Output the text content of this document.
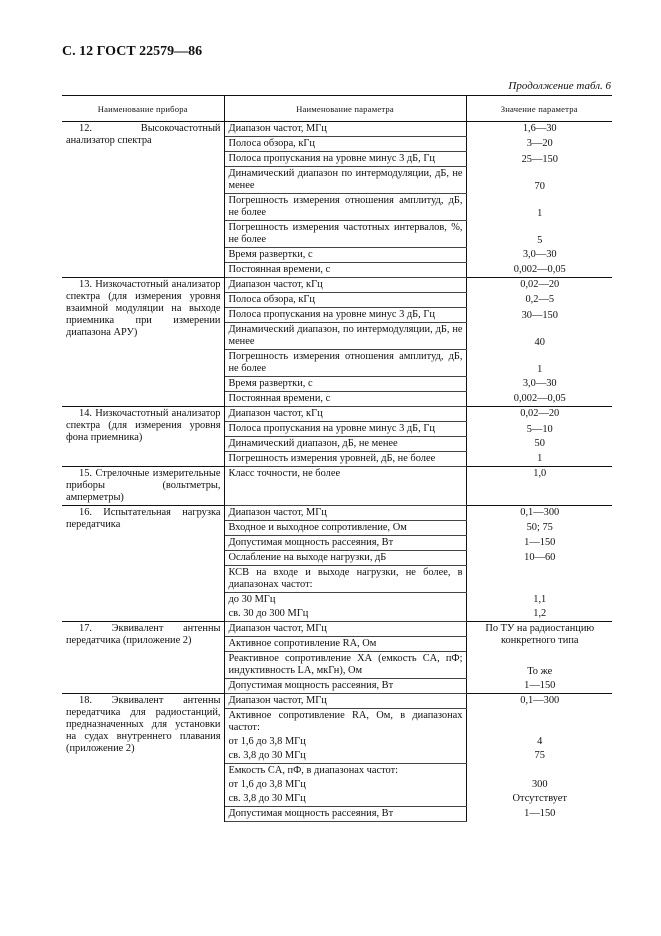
С. 12 ГОСТ 22579—86
Продолжение табл. 6
Наименование прибора	Наименование параметра	Значение параметра

12. Высокочастотный анализатор спектра	Диапазон частот, МГц	1,6—30

	Полоса обзора, кГц	3—20

	Полоса пропускания на уровне минус 3 дБ, Гц	25—150

	Динамический диапазон по интермодуляции, дБ, не менее	70

	Погрешность измерения отношения амплитуд, дБ, не более	1

	Погрешность измерения частотных интервалов, %, не более	5

	Время развертки, с	3,0—30

	Постоянная времени, с	0,002—0,05

13. Низкочастотный анализатор спектра (для измерения уровня взаимной модуляции на выходе приемника при измерении диапазона АРУ)	Диапазон частот, кГц	0,02—20

	Полоса обзора, кГц	0,2—5

	Полоса пропускания на уровне минус 3 дБ, Гц	30—150

	Динамический диапазон, по интермодуляции, дБ, не менее	40

	Погрешность измерения отношения амплитуд, дБ, не более	1

	Время развертки, с	3,0—30

	Постоянная времени, с	0,002—0,05

14. Низкочастотный анализатор спектра (для измерения уровня фона приемника)	Диапазон частот, кГц	0,02—20

	Полоса пропускания на уровне минус 3 дБ, Гц	5—10

	Динамический диапазон, дБ, не менее	50

	Погрешность измерения уровней, дБ, не более	1

15. Стрелочные измерительные приборы (вольтметры, амперметры)	Класс точности, не более	1,0

16. Испытательная нагрузка передатчика	Диапазон частот, МГц	0,1—300

	Входное и выходное сопротивление, Ом	50; 75

	Допустимая мощность рассеяния, Вт	1—150

	Ослабление на выходе нагрузки, дБ	10—60

	КСВ на входе и выходе нагрузки, не более, в диапазонах частот:	

	до 30 МГц	1,1

	св. 30 до 300 МГц	1,2

17. Эквивалент антенны передатчика (приложение 2)	Диапазон частот, МГц	По ТУ на радиостанцию конкретного типа

	Активное сопротивление RА, Ом	

	Реактивное сопротивление XА (емкость CА, пФ; индуктивность LА, мкГн), Ом	То же

	Допустимая мощность рассеяния, Вт	1—150

18. Эквивалент антенны передатчика для радиостанций, предназначенных для установки на судах внутреннего плавания (приложение 2)	Диапазон частот, МГц	0,1—300

	Активное сопротивление RА, Ом, в диапазонах частот:	

	от 1,6 до 3,8 МГц	4

	св. 3,8 до 30 МГц	75

	Емкость CА, пФ, в диапазонах частот:	

	от 1,6 до 3,8 МГц	300

	св. 3,8 до 30 МГц	Отсутствует

	Допустимая мощность рассеяния, Вт	1—150
